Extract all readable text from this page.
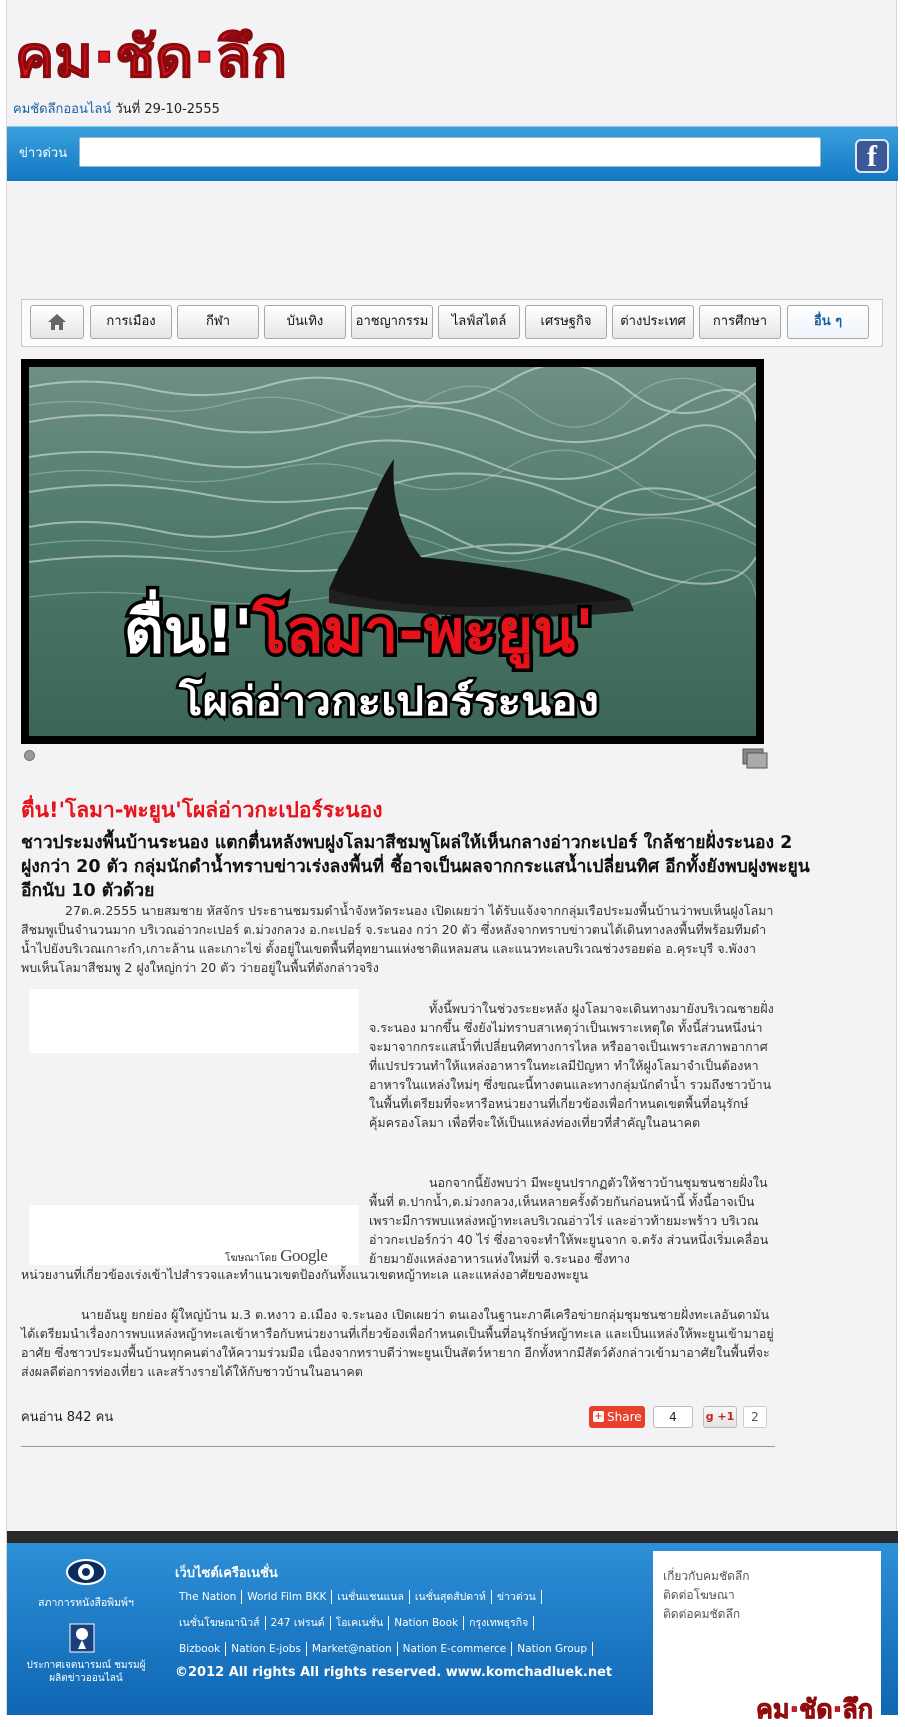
คม·ชัด·ลึก
คมชัดลึกออนไลน์ วันที่ 29-10-2555
ข่าวด่วน	f
การเมือง	กีฬา	บันเทิง	อาชญากรรม	ไลฟ์สไตล์	เศรษฐกิจ	ต่างประเทศ	การศึกษา	อื่น ๆ
ตื่น!'โลมา-พะยูน'
โผล่อ่าวกะเปอร์ระนอง
ตื่น!'โลมา-พะยูน'โผล่อ่าวกะเปอร์ระนอง
ชาวประมงพื้นบ้านระนอง แตกตื่นหลังพบฝูงโลมาสีชมพูโผล่ให้เห็นกลางอ่าวกะเปอร์ ใกล้ชายฝั่งระนอง 2 ฝูงกว่า 20 ตัว กลุ่มนักดำน้ำทราบข่าวเร่งลงพื้นที่ ชี้อาจเป็นผลจากกระแสน้ำเปลี่ยนทิศ อีกทั้งยังพบฝูงพะยูนอีกนับ 10 ตัวด้วย

27ต.ค.2555 นายสมชาย หัสจักร ประธานชมรมดำน้ำจังหวัดระนอง เปิดเผยว่า ได้รับแจ้งจากกลุ่มเรือประมงพื้นบ้านว่าพบเห็นฝูงโลมาสีชมพูเป็นจำนวนมาก บริเวณอ่าวกะเปอร์ ต.ม่วงกลวง อ.กะเปอร์ จ.ระนอง กว่า 20 ตัว ซึ่งหลังจากทราบข่าวตนได้เดินทางลงพื้นที่พร้อมทีมดำน้ำไปยังบริเวณเกาะกำ,เกาะล้าน และเกาะไข่ ตั้งอยู่ในเขตพื้นที่อุทยานแห่งชาติแหลมสน และแนวทะเลบริเวณช่วงรอยต่อ อ.คุระบุรี จ.พังงา พบเห็นโลมาสีชมพู 2 ฝูงใหญ่กว่า 20 ตัว ว่ายอยู่ในพื้นที่ดังกล่าวจริง

โฆษณาโดย Google

ทั้งนี้พบว่าในช่วงระยะหลัง ฝูงโลมาจะเดินทางมายังบริเวณชายฝั่ง จ.ระนอง มากขึ้น ซึ่งยังไม่ทราบสาเหตุว่าเป็นเพราะเหตุใด ทั้งนี้ส่วนหนึ่งน่าจะมาจากกระแสน้ำที่เปลี่ยนทิศทางการไหล หรืออาจเป็นเพราะสภาพอากาศที่แปรปรวนทำให้แหล่งอาหารในทะเลมีปัญหา ทำให้ฝูงโลมาจำเป็นต้องหาอาหารในแหล่งใหม่ๆ ซึ่งขณะนี้ทางตนและทางกลุ่มนักดำน้ำ รวมถึงชาวบ้านในพื้นที่เตรียมที่จะหารือหน่วยงานที่เกี่ยวข้องเพื่อกำหนดเขตพื้นที่อนุรักษ์คุ้มครองโลมา เพื่อที่จะให้เป็นแหล่งท่องเที่ยวที่สำคัญในอนาคต

นอกจากนี้ยังพบว่า มีพะยูนปรากฏตัวให้ชาวบ้านชุมชนชายฝั่งในพื้นที่ ต.ปากน้ำ,ต.ม่วงกลวง,เห็นหลายครั้งด้วยกันก่อนหน้านี้ ทั้งนี้อาจเป็นเพราะมีการพบแหล่งหญ้าทะเลบริเวณอ่าวไร่ และอ่าวท้ายมะพร้าว บริเวณอ่าวกะเปอร์กว่า 40 ไร่ ซึ่งอาจจะทำให้พะยูนจาก จ.ตรัง ส่วนหนึ่งเริ่มเคลื่อนย้ายมายังแหล่งอาหารแห่งใหม่ที่ จ.ระนอง ซึ่งทาง

หน่วยงานที่เกี่ยวข้องเร่งเข้าไปสำรวจและทำแนวเขตป้องกันทั้งแนวเขตหญ้าทะเล และแหล่งอาศัยของพะยูน

นายอันยู ยกย่อง ผู้ใหญ่บ้าน ม.3 ต.หงาว อ.เมือง จ.ระนอง เปิดเผยว่า ตนเองในฐานะภาคีเครือข่ายกลุ่มชุมชนชายฝั่งทะเลอันดามัน ได้เตรียมนำเรื่องการพบแหล่งหญ้าทะเลเข้าหารือกับหน่วยงานที่เกี่ยวข้องเพื่อกำหนดเป็นพื้นที่อนุรักษ์หญ้าทะเล และเป็นแหล่งให้พะยูนเข้ามาอยู่อาศัย ซึ่งชาวประมงพื้นบ้านทุกคนต่างให้ความร่วมมือ เนื่องจากทราบดีว่าพะยูนเป็นสัตว์หายาก อีกทั้งหากมีสัตว์ดังกล่าวเข้ามาอาศัยในพื้นที่จะส่งผลดีต่อการท่องเที่ยว และสร้างรายได้ให้กับชาวบ้านในอนาคต

คนอ่าน 842 คน	+ Share	4	g +1	2
สภาการหนังสือพิมพ์ฯ
ประกาศเจตนารมณ์ ชมรมผู้ผลิตข่าวออนไลน์
เว็บไซต์เครือเนชั่น
The Nation World Film BKK เนชั่นแชนแนล เนชั่นสุดสัปดาห์ ข่าวด่วน
เนชั่นโฆษณานิวส์ 247 เฟรนด์ โอเคเนชั่น Nation Book กรุงเทพธุรกิจ
Bizbook Nation E-jobs Market@nation Nation E-commerce Nation Group
©2012 All rights All rights reserved. www.komchadluek.net
เกี่ยวกับคมชัดลึก
ติดต่อโฆษณา
ติดต่อคมชัดลึก
คม·ชัด·ลึก
